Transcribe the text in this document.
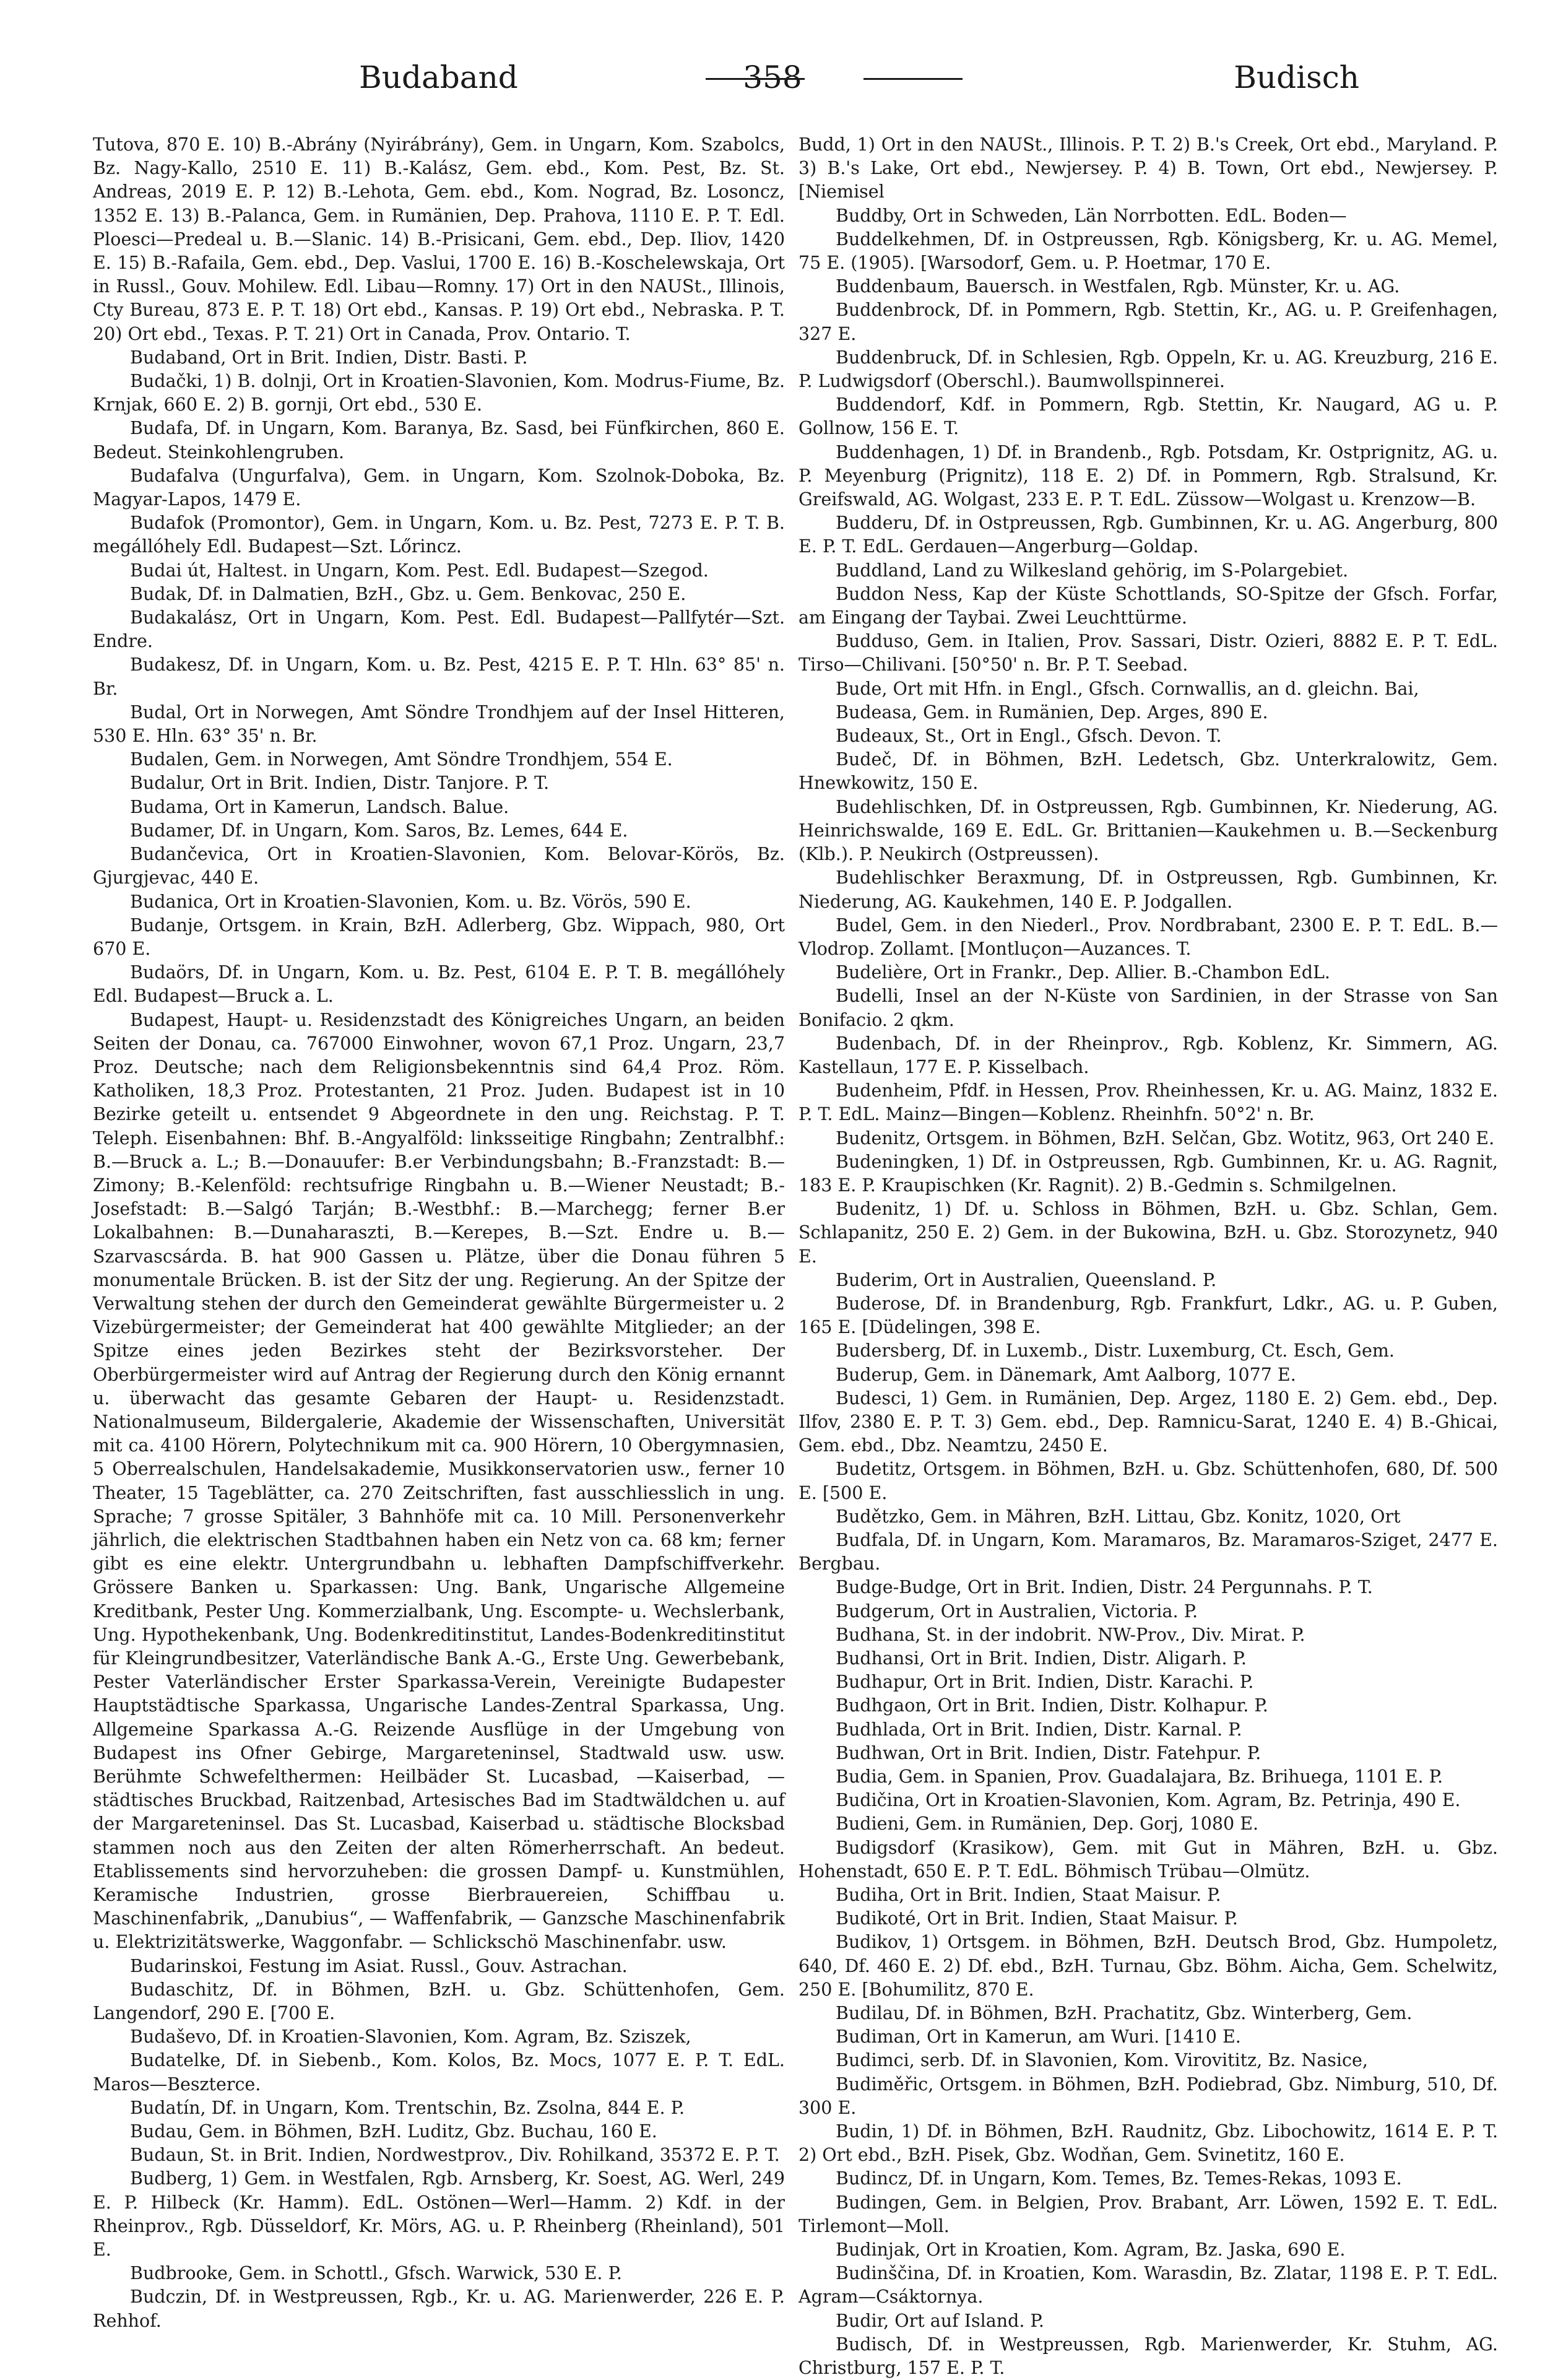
Budaband	358	Budisch

Tutova, 870 E. 10) B.-Abrány (Nyirábrány), Gem. in Ungarn, Kom. Szabolcs, Bz. Nagy-Kallo, 2510 E. 11) B.-Kalász, Gem. ebd., Kom. Pest, Bz. St. Andreas, 2019 E. P. 12) B.-Lehota, Gem. ebd., Kom. Nograd, Bz. Losoncz, 1352 E. 13) B.-Palanca, Gem. in Rumänien, Dep. Prahova, 1110 E. P. T. Edl. Ploesci—Predeal u. B.—Slanic. 14) B.-Prisicani, Gem. ebd., Dep. Iliov, 1420 E. 15) B.-Rafaila, Gem. ebd., Dep. Vaslui, 1700 E. 16) B.-Koschelewskaja, Ort in Russl., Gouv. Mohilew. Edl. Libau—Romny. 17) Ort in den NAUSt., Illinois, Cty Bureau, 873 E. P. T. 18) Ort ebd., Kansas. P. 19) Ort ebd., Nebraska. P. T. 20) Ort ebd., Texas. P. T. 21) Ort in Canada, Prov. Ontario. T.

Budaband, Ort in Brit. Indien, Distr. Basti. P.

Budački, 1) B. dolnji, Ort in Kroatien-Slavonien, Kom. Modrus-Fiume, Bz. Krnjak, 660 E. 2) B. gornji, Ort ebd., 530 E.

Budafa, Df. in Ungarn, Kom. Baranya, Bz. Sasd, bei Fünfkirchen, 860 E. Bedeut. Steinkohlengruben.

Budafalva (Ungurfalva), Gem. in Ungarn, Kom. Szolnok-Doboka, Bz. Magyar-Lapos, 1479 E.

Budafok (Promontor), Gem. in Ungarn, Kom. u. Bz. Pest, 7273 E. P. T. B. megállóhely Edl. Budapest—Szt. Lőrincz.

Budai út, Haltest. in Ungarn, Kom. Pest. Edl. Budapest—Szegod.

Budak, Df. in Dalmatien, BzH., Gbz. u. Gem. Benkovac, 250 E.

Budakalász, Ort in Ungarn, Kom. Pest. Edl. Budapest—Pallfytér—Szt. Endre.

Budakesz, Df. in Ungarn, Kom. u. Bz. Pest, 4215 E. P. T. Hln. 63° 85' n. Br.

Budal, Ort in Norwegen, Amt Söndre Trondhjem auf der Insel Hitteren, 530 E. Hln. 63° 35' n. Br.

Budalen, Gem. in Norwegen, Amt Söndre Trondhjem, 554 E.

Budalur, Ort in Brit. Indien, Distr. Tanjore. P. T.

Budama, Ort in Kamerun, Landsch. Balue.

Budamer, Df. in Ungarn, Kom. Saros, Bz. Lemes, 644 E.

Budančevica, Ort in Kroatien-Slavonien, Kom. Belovar-Körös, Bz. Gjurgjevac, 440 E.

Budanica, Ort in Kroatien-Slavonien, Kom. u. Bz. Vörös, 590 E.

Budanje, Ortsgem. in Krain, BzH. Adlerberg, Gbz. Wippach, 980, Ort 670 E.

Budaörs, Df. in Ungarn, Kom. u. Bz. Pest, 6104 E. P. T. B. megállóhely Edl. Budapest—Bruck a. L.

Budapest, Haupt- u. Residenzstadt des Königreiches Ungarn, an beiden Seiten der Donau, ca. 767000 Einwohner, wovon 67,1 Proz. Ungarn, 23,7 Proz. Deutsche; nach dem Religionsbekenntnis sind 64,4 Proz. Röm. Katholiken, 18,3 Proz. Protestanten, 21 Proz. Juden. Budapest ist in 10 Bezirke geteilt u. entsendet 9 Abgeordnete in den ung. Reichstag. P. T. Teleph. Eisenbahnen: Bhf. B.-Angyalföld: linksseitige Ringbahn; Zentralbhf.: B.—Bruck a. L.; B.—Donauufer: B.er Verbindungsbahn; B.-Franzstadt: B.—Zimony; B.-Kelenföld: rechtsufrige Ringbahn u. B.—Wiener Neustadt; B.-Josefstadt: B.—Salgó Tarján; B.-Westbhf.: B.—Marchegg; ferner B.er Lokalbahnen: B.—Dunaharaszti, B.—Kerepes, B.—Szt. Endre u. B.—Szarvascsárda. B. hat 900 Gassen u. Plätze, über die Donau führen 5 monumentale Brücken. B. ist der Sitz der ung. Regierung. An der Spitze der Verwaltung stehen der durch den Gemeinderat gewählte Bürgermeister u. 2 Vizebürgermeister; der Gemeinderat hat 400 gewählte Mitglieder; an der Spitze eines jeden Bezirkes steht der Bezirksvorsteher. Der Oberbürgermeister wird auf Antrag der Regierung durch den König ernannt u. überwacht das gesamte Gebaren der Haupt- u. Residenzstadt. Nationalmuseum, Bildergalerie, Akademie der Wissenschaften, Universität mit ca. 4100 Hörern, Polytechnikum mit ca. 900 Hörern, 10 Obergymnasien, 5 Oberrealschulen, Handelsakademie, Musikkonservatorien usw., ferner 10 Theater, 15 Tageblätter, ca. 270 Zeitschriften, fast ausschliesslich in ung. Sprache; 7 grosse Spitäler, 3 Bahnhöfe mit ca. 10 Mill. Personenverkehr jährlich, die elektrischen Stadtbahnen haben ein Netz von ca. 68 km; ferner gibt es eine elektr. Untergrundbahn u. lebhaften Dampfschiffverkehr. Grössere Banken u. Sparkassen: Ung. Bank, Ungarische Allgemeine Kreditbank, Pester Ung. Kommerzialbank, Ung. Escompte- u. Wechslerbank, Ung. Hypothekenbank, Ung. Bodenkreditinstitut, Landes-Bodenkreditinstitut für Kleingrundbesitzer, Vaterländische Bank A.-G., Erste Ung. Gewerbebank, Pester Vaterländischer Erster Sparkassa-Verein, Vereinigte Budapester Hauptstädtische Sparkassa, Ungarische Landes-Zentral Sparkassa, Ung. Allgemeine Sparkassa A.-G. Reizende Ausflüge in der Umgebung von Budapest ins Ofner Gebirge, Margareteninsel, Stadtwald usw. usw. Berühmte Schwefelthermen: Heilbäder St. Lucasbad, —Kaiserbad, — städtisches Bruckbad, Raitzenbad, Artesisches Bad im Stadtwäldchen u. auf der Margareteninsel. Das St. Lucasbad, Kaiserbad u. städtische Blocksbad stammen noch aus den Zeiten der alten Römerherrschaft. An bedeut. Etablissements sind hervorzuheben: die grossen Dampf- u. Kunstmühlen, Keramische Industrien, grosse Bierbrauereien, Schiffbau u. Maschinenfabrik, „Danubius“, — Waffenfabrik, — Ganzsche Maschinenfabrik u. Elektrizitätswerke, Waggonfabr. — Schlickschö Maschinenfabr. usw.

Budarinskoi, Festung im Asiat. Russl., Gouv. Astrachan.

Budaschitz, Df. in Böhmen, BzH. u. Gbz. Schüttenhofen, Gem. Langendorf, 290 E. [700 E.

Budaševo, Df. in Kroatien-Slavonien, Kom. Agram, Bz. Sziszek,

Budatelke, Df. in Siebenb., Kom. Kolos, Bz. Mocs, 1077 E. P. T. EdL. Maros—Beszterce.

Budatín, Df. in Ungarn, Kom. Trentschin, Bz. Zsolna, 844 E. P.

Budau, Gem. in Böhmen, BzH. Luditz, Gbz. Buchau, 160 E.

Budaun, St. in Brit. Indien, Nordwestprov., Div. Rohilkand, 35372 E. P. T.

Budberg, 1) Gem. in Westfalen, Rgb. Arnsberg, Kr. Soest, AG. Werl, 249 E. P. Hilbeck (Kr. Hamm). EdL. Ostönen—Werl—Hamm. 2) Kdf. in der Rheinprov., Rgb. Düsseldorf, Kr. Mörs, AG. u. P. Rheinberg (Rheinland), 501 E.

Budbrooke, Gem. in Schottl., Gfsch. Warwick, 530 E. P.

Budczin, Df. in Westpreussen, Rgb., Kr. u. AG. Marienwerder, 226 E. P. Rehhof.

Budd, 1) Ort in den NAUSt., Illinois. P. T. 2) B.'s Creek, Ort ebd., Maryland. P. 3) B.'s Lake, Ort ebd., Newjersey. P. 4) B. Town, Ort ebd., Newjersey. P. [Niemisel

Buddby, Ort in Schweden, Län Norrbotten. EdL. Boden—

Buddelkehmen, Df. in Ostpreussen, Rgb. Königsberg, Kr. u. AG. Memel, 75 E. (1905). [Warsodorf, Gem. u. P. Hoetmar, 170 E.

Buddenbaum, Bauersch. in Westfalen, Rgb. Münster, Kr. u. AG.

Buddenbrock, Df. in Pommern, Rgb. Stettin, Kr., AG. u. P. Greifenhagen, 327 E.

Buddenbruck, Df. in Schlesien, Rgb. Oppeln, Kr. u. AG. Kreuzburg, 216 E. P. Ludwigsdorf (Oberschl.). Baumwollspinnerei.

Buddendorf, Kdf. in Pommern, Rgb. Stettin, Kr. Naugard, AG u. P. Gollnow, 156 E. T.

Buddenhagen, 1) Df. in Brandenb., Rgb. Potsdam, Kr. Ostprignitz, AG. u. P. Meyenburg (Prignitz), 118 E. 2) Df. in Pommern, Rgb. Stralsund, Kr. Greifswald, AG. Wolgast, 233 E. P. T. EdL. Züssow—Wolgast u. Krenzow—B.

Budderu, Df. in Ostpreussen, Rgb. Gumbinnen, Kr. u. AG. Angerburg, 800 E. P. T. EdL. Gerdauen—Angerburg—Goldap.

Buddland, Land zu Wilkesland gehörig, im S-Polargebiet.

Buddon Ness, Kap der Küste Schottlands, SO-Spitze der Gfsch. Forfar, am Eingang der Taybai. Zwei Leuchttürme.

Budduso, Gem. in Italien, Prov. Sassari, Distr. Ozieri, 8882 E. P. T. EdL. Tirso—Chilivani. [50°50' n. Br. P. T. Seebad.

Bude, Ort mit Hfn. in Engl., Gfsch. Cornwallis, an d. gleichn. Bai,

Budeasa, Gem. in Rumänien, Dep. Arges, 890 E.

Budeaux, St., Ort in Engl., Gfsch. Devon. T.

Budeč, Df. in Böhmen, BzH. Ledetsch, Gbz. Unterkralowitz, Gem. Hnewkowitz, 150 E.

Budehlischken, Df. in Ostpreussen, Rgb. Gumbinnen, Kr. Niederung, AG. Heinrichswalde, 169 E. EdL. Gr. Brittanien—Kaukehmen u. B.—Seckenburg (Klb.). P. Neukirch (Ostpreussen).

Budehlischker Beraхmung, Df. in Ostpreussen, Rgb. Gumbinnen, Kr. Niederung, AG. Kaukehmen, 140 E. P. Jodgallen.

Budel, Gem. in den Niederl., Prov. Nordbrabant, 2300 E. P. T. EdL. B.—Vlodrop. Zollamt. [Montluçon—Auzances. T.

Budelière, Ort in Frankr., Dep. Allier. B.-Chambon EdL.

Budelli, Insel an der N-Küste von Sardinien, in der Strasse von San Bonifacio. 2 qkm.

Budenbach, Df. in der Rheinprov., Rgb. Koblenz, Kr. Simmern, AG. Kastellaun, 177 E. P. Kisselbach.

Budenheim, Pfdf. in Hessen, Prov. Rheinhessen, Kr. u. AG. Mainz, 1832 E. P. T. EdL. Mainz—Bingen—Koblenz. Rheinhfn. 50°2' n. Br.

Budenitz, Ortsgem. in Böhmen, BzH. Selčan, Gbz. Wotitz, 963, Ort 240 E.

Budeningken, 1) Df. in Ostpreussen, Rgb. Gumbinnen, Kr. u. AG. Ragnit, 183 E. P. Kraupischken (Kr. Ragnit). 2) B.-Gedmin s. Schmilgelnen.

Budenitz, 1) Df. u. Schloss in Böhmen, BzH. u. Gbz. Schlan, Gem. Schlapanitz, 250 E. 2) Gem. in der Bukowina, BzH. u. Gbz. Storozynetz, 940 E.

Buderim, Ort in Australien, Queensland. P.

Buderose, Df. in Brandenburg, Rgb. Frankfurt, Ldkr., AG. u. P. Guben, 165 E. [Düdelingen, 398 E.

Budersberg, Df. in Luxemb., Distr. Luxemburg, Ct. Esch, Gem.

Buderup, Gem. in Dänemark, Amt Aalborg, 1077 E.

Budesci, 1) Gem. in Rumänien, Dep. Argez, 1180 E. 2) Gem. ebd., Dep. Ilfov, 2380 E. P. T. 3) Gem. ebd., Dep. Ramnicu-Sarat, 1240 E. 4) B.-Ghicai, Gem. ebd., Dbz. Neamtzu, 2450 E.

Budetitz, Ortsgem. in Böhmen, BzH. u. Gbz. Schüttenhofen, 680, Df. 500 E. [500 E.

Budětzko, Gem. in Mähren, BzH. Littau, Gbz. Konitz, 1020, Ort

Budfala, Df. in Ungarn, Kom. Maramaros, Bz. Maramaros-Sziget, 2477 E. Bergbau.

Budge-Budge, Ort in Brit. Indien, Distr. 24 Pergunnahs. P. T.

Budgerum, Ort in Australien, Victoria. P.

Budhana, St. in der indobrit. NW-Prov., Div. Mirat. P.

Budhansi, Ort in Brit. Indien, Distr. Aligarh. P.

Budhapur, Ort in Brit. Indien, Distr. Karachi. P.

Budhgaon, Ort in Brit. Indien, Distr. Kolhapur. P.

Budhlada, Ort in Brit. Indien, Distr. Karnal. P.

Budhwan, Ort in Brit. Indien, Distr. Fatehpur. P.

Budia, Gem. in Spanien, Prov. Guadalajara, Bz. Brihuega, 1101 E. P.

Budičina, Ort in Kroatien-Slavonien, Kom. Agram, Bz. Petrinja, 490 E.

Budieni, Gem. in Rumänien, Dep. Gorj, 1080 E.

Budigsdorf (Krasikow), Gem. mit Gut in Mähren, BzH. u. Gbz. Hohenstadt, 650 E. P. T. EdL. Böhmisch Trübau—Olmütz.

Budiha, Ort in Brit. Indien, Staat Maisur. P.

Budikoté, Ort in Brit. Indien, Staat Maisur. P.

Budikov, 1) Ortsgem. in Böhmen, BzH. Deutsch Brod, Gbz. Humpoletz, 640, Df. 460 E. 2) Df. ebd., BzH. Turnau, Gbz. Böhm. Aicha, Gem. Schelwitz, 250 E. [Bohumilitz, 870 E.

Budilau, Df. in Böhmen, BzH. Prachatitz, Gbz. Winterberg, Gem.

Budiman, Ort in Kamerun, am Wuri. [1410 E.

Budimci, serb. Df. in Slavonien, Kom. Virovititz, Bz. Nasice,

Budiměřic, Ortsgem. in Böhmen, BzH. Podiebrad, Gbz. Nimburg, 510, Df. 300 E.

Budin, 1) Df. in Böhmen, BzH. Raudnitz, Gbz. Libochowitz, 1614 E. P. T. 2) Ort ebd., BzH. Pisek, Gbz. Wodňan, Gem. Svinetitz, 160 E.

Budincz, Df. in Ungarn, Kom. Temes, Bz. Temes-Rekas, 1093 E.

Budingen, Gem. in Belgien, Prov. Brabant, Arr. Löwen, 1592 E. T. EdL. Tirlemont—Moll.

Budinjak, Ort in Kroatien, Kom. Agram, Bz. Jaska, 690 E.

Budinščina, Df. in Kroatien, Kom. Warasdin, Bz. Zlatar, 1198 E. P. T. EdL. Agram—Csáktornya.

Budir, Ort auf Island. P.

Budisch, Df. in Westpreussen, Rgb. Marienwerder, Kr. Stuhm, AG. Christburg, 157 E. P. T.
